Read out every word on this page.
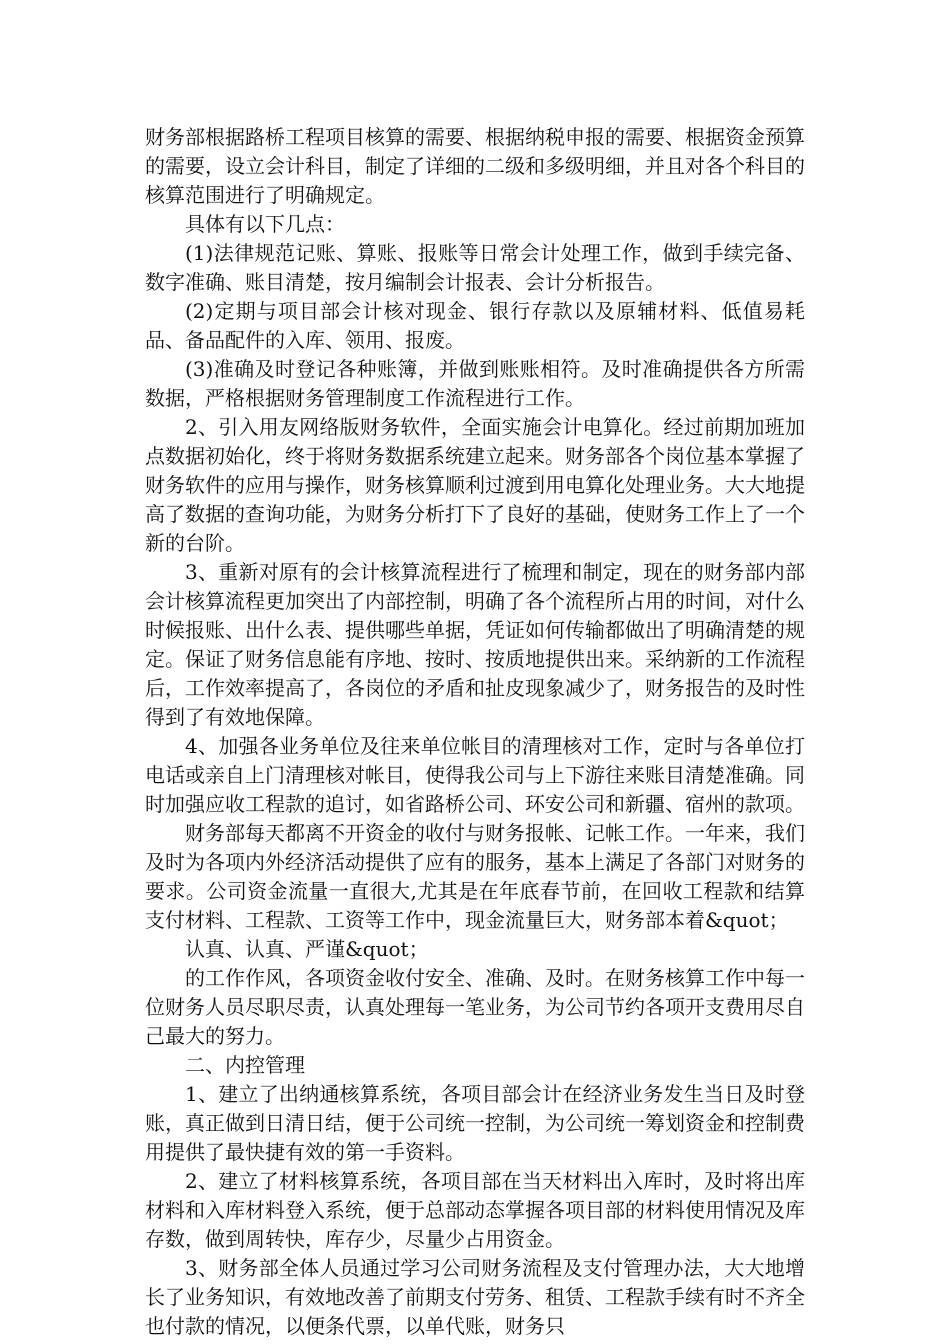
财务部根据路桥工程项目核算的需要、根据纳税申报的需要、根据资金预算的需要，设立会计科目，制定了详细的二级和多级明细，并且对各个科目的核算范围进行了明确规定。

具体有以下几点：

(1)法律规范记账、算账、报账等日常会计处理工作，做到手续完备、数字准确、账目清楚，按月编制会计报表、会计分析报告。

(2)定期与项目部会计核对现金、银行存款以及原辅材料、低值易耗品、备品配件的入库、领用、报废。

(3)准确及时登记各种账簿，并做到账账相符。及时准确提供各方所需数据，严格根据财务管理制度工作流程进行工作。

2、引入用友网络版财务软件，全面实施会计电算化。经过前期加班加点数据初始化，终于将财务数据系统建立起来。财务部各个岗位基本掌握了财务软件的应用与操作，财务核算顺利过渡到用电算化处理业务。大大地提高了数据的查询功能，为财务分析打下了良好的基础，使财务工作上了一个新的台阶。

3、重新对原有的会计核算流程进行了梳理和制定，现在的财务部内部会计核算流程更加突出了内部控制，明确了各个流程所占用的时间，对什么时候报账、出什么表、提供哪些单据，凭证如何传输都做出了明确清楚的规定。保证了财务信息能有序地、按时、按质地提供出来。采纳新的工作流程后，工作效率提高了，各岗位的矛盾和扯皮现象减少了，财务报告的及时性得到了有效地保障。

4、加强各业务单位及往来单位帐目的清理核对工作，定时与各单位打电话或亲自上门清理核对帐目，使得我公司与上下游往来账目清楚准确。同时加强应收工程款的追讨，如省路桥公司、环安公司和新疆、宿州的款项。

财务部每天都离不开资金的收付与财务报帐、记帐工作。一年来，我们及时为各项内外经济活动提供了应有的服务，基本上满足了各部门对财务的要求。公司资金流量一直很大,尤其是在年底春节前，在回收工程款和结算支付材料、工程款、工资等工作中，现金流量巨大，财务部本着&quot；

认真、认真、严谨&quot；

的工作作风，各项资金收付安全、准确、及时。在财务核算工作中每一位财务人员尽职尽责，认真处理每一笔业务，为公司节约各项开支费用尽自己最大的努力。

二、内控管理

1、建立了出纳通核算系统，各项目部会计在经济业务发生当日及时登账，真正做到日清日结，便于公司统一控制，为公司统一筹划资金和控制费用提供了最快捷有效的第一手资料。

2、建立了材料核算系统，各项目部在当天材料出入库时，及时将出库材料和入库材料登入系统，便于总部动态掌握各项目部的材料使用情况及库存数，做到周转快，库存少，尽量少占用资金。

3、财务部全体人员通过学习公司财务流程及支付管理办法，大大地增长了业务知识，有效地改善了前期支付劳务、租赁、工程款手续有时不齐全也付款的情况，以便条代票，以单代账，财务只
